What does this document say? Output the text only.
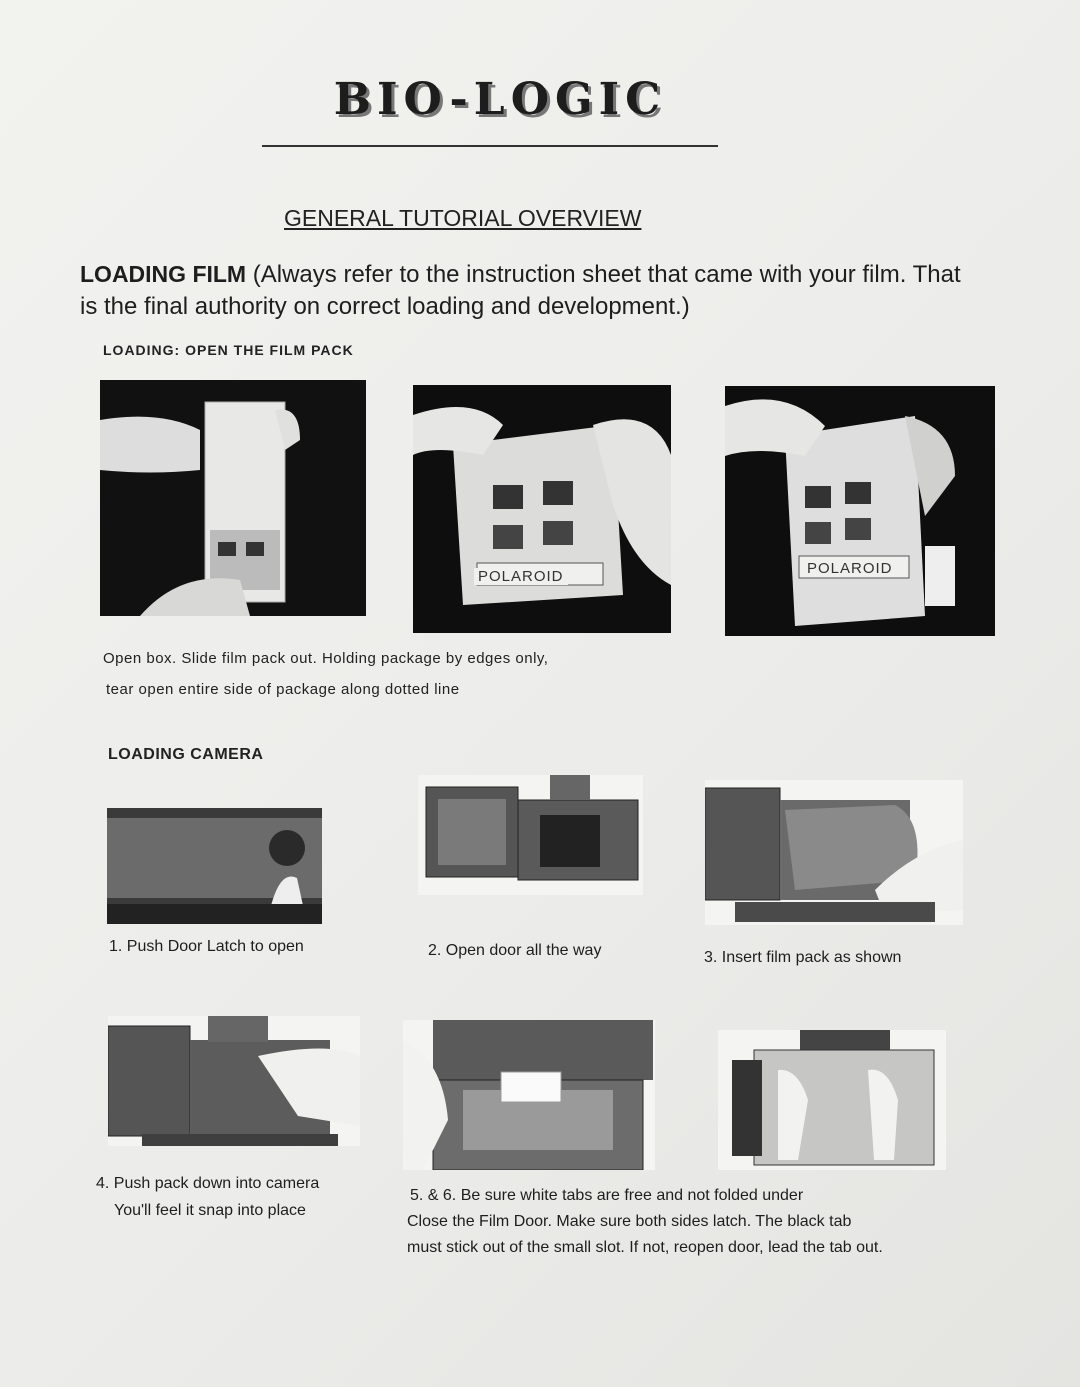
BIO-LOGIC
GENERAL TUTORIAL OVERVIEW
LOADING FILM (Always refer to the instruction sheet that came with your film. That is the final authority on correct loading and development.)
LOADING: OPEN THE FILM PACK
POLAROID	POLAROID
Open box. Slide film pack out. Holding package by edges only,
tear open entire side of package along dotted line
LOADING CAMERA
1. Push Door Latch to open	2. Open door all the way	3. Insert film pack as shown
4. Push pack down into camera
You'll feel it snap into place
5. & 6. Be sure white tabs are free and not folded under
Close the Film Door. Make sure both sides latch. The black tab
must stick out of the small slot. If not, reopen door, lead the tab out.
